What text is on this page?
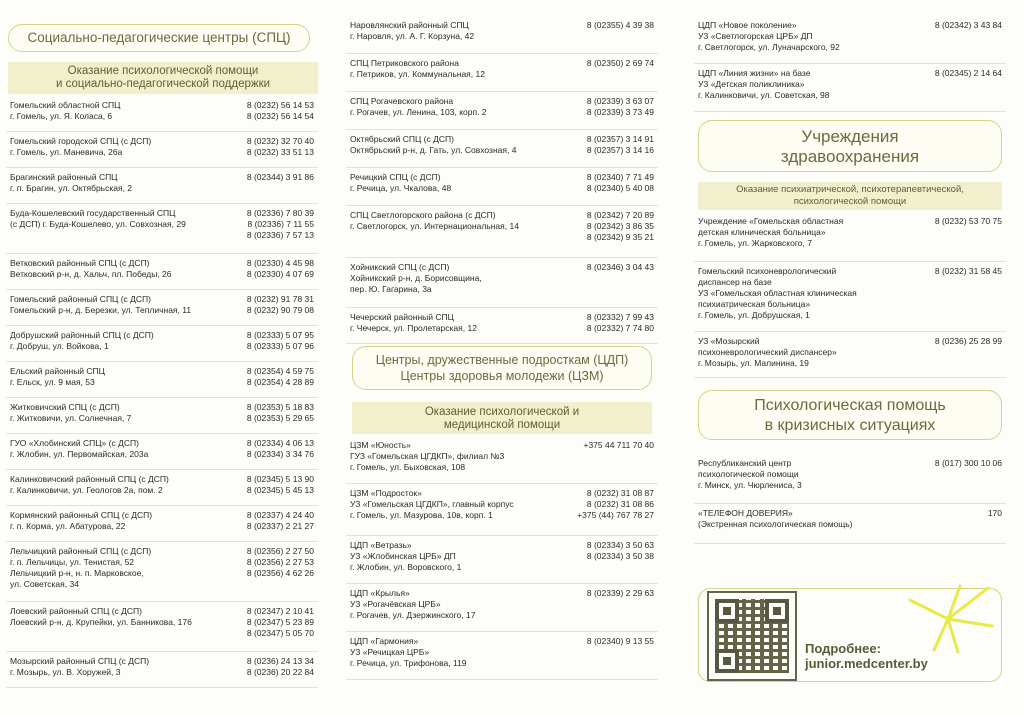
Социально-педагогические центры (СПЦ)
Оказание психологической помощи
и социально-педагогической поддержки
Гомельский областной СПЦ
г. Гомель, ул. Я. Коласа, 6
8 (0232) 56 14 53
8 (0232) 56 14 54
Гомельский городской СПЦ (с ДСП)
г. Гомель, ул. Маневича, 26а
8 (0232) 32 70 40
8 (0232) 33 51 13
Брагинский районный СПЦ
г. п. Брагин, ул. Октябрьская, 2
8 (02344) 3 91 86
Буда-Кошелевский государственный СПЦ
(с ДСП) г. Буда-Кошелево, ул. Совхозная, 29
8 (02336) 7 80 39
8 (02336) 7 11 55
8 (02336) 7 57 13
Ветковский районный СПЦ (с ДСП)
Ветковский р-н, д. Хальч, пл. Победы, 26
8 (02330) 4 45 98
8 (02330) 4 07 69
Гомельский районный СПЦ (с ДСП)
Гомельский р-н, д. Березки, ул. Тепличная, 11
8 (0232) 91 78 31
8 (0232) 90 79 08
Добрушский районный СПЦ (с ДСП)
г. Добруш, ул. Войкова, 1
8 (02333) 5 07 95
8 (02333) 5 07 96
Ельский районный СПЦ
г. Ельск, ул. 9 мая, 53
8 (02354) 4 59 75
8 (02354) 4 28 89
Житковичский СПЦ (с ДСП)
г. Житковичи, ул. Солнечная, 7
8 (02353) 5 18 83
8 (02353) 5 29 65
ГУО «Хлобинский СПЦ» (с ДСП)
г. Жлобин, ул. Первомайская, 203а
8 (02334) 4 06 13
8 (02334) 3 34 76
Калинковичский районный СПЦ (с ДСП)
г. Калинковичи, ул. Геологов 2а, пом. 2
8 (02345) 5 13 90
8 (02345) 5 45 13
Кормянский районный СПЦ (с ДСП)
г. п. Корма, ул. Абатурова, 22
8 (02337) 4 24 40
8 (02337) 2 21 27
Лельчицкий районный СПЦ (с ДСП)
г. п. Лельчицы, ул. Тенистая, 52
Лельчицкий р-н, н. п. Марковское,
ул. Советская, 34
8 (02356) 2 27 50
8 (02356) 2 27 53
8 (02356) 4 62 26
Лоевский районный СПЦ (с ДСП)
Лоевский р-н, д. Крупейки, ул. Банникова, 176
8 (02347) 2 10 41
8 (02347) 5 23 89
8 (02347) 5 05 70
Мозырский районный СПЦ (с ДСП)
г. Мозырь, ул. В. Хоружей, 3
8 (0236) 24 13 34
8 (0236) 20 22 84
Наровлянский районный СПЦ
г. Наровля, ул. А. Г. Корзуна, 42
8 (02355) 4 39 38
СПЦ Петриковского района
г. Петриков, ул. Коммунальная, 12
8 (02350) 2 69 74
СПЦ Рогачевского района
г. Рогачев, ул. Ленина, 103, корп. 2
8 (02339) 3 63 07
8 (02339) 3 73 49
Октябрьский СПЦ (с ДСП)
Октябрьский р-н, д. Гать, ул. Совхозная, 4
8 (02357) 3 14 91
8 (02357) 3 14 16
Речицкий СПЦ (с ДСП)
г. Речица, ул. Чкалова, 48
8 (02340) 7 71 49
8 (02340) 5 40 08
СПЦ Светлогорского района (с ДСП)
г. Светлогорск, ул. Интернациональная, 14
8 (02342) 7 20 89
8 (02342) 3 86 35
8 (02342) 9 35 21
Хойникский СПЦ (с ДСП)
Хойникский р-н, д. Борисовщина,
пер. Ю. Гагарина, 3а
8 (02346) 3 04 43
Чечерский районный СПЦ
г. Чечерск, ул. Пролетарская, 12
8 (02332) 7 99 43
8 (02332) 7 74 80
Центры, дружественные подросткам (ЦДП)
Центры здоровья молодежи (ЦЗМ)
Оказание психологической и
медицинской помощи
ЦЗМ «Юность»
ГУЗ «Гомельская ЦГДКП», филиал №3
г. Гомель, ул. Быховская, 108
+375 44 711 70 40
ЦЗМ «Подросток»
УЗ «Гомельская ЦГДКП», главный корпус
г. Гомель, ул. Мазурова, 10в, корп. 1
8 (0232) 31 08 87
8 (0232) 31 08 86
+375 (44) 767 78 27
ЦДП «Ветразь»
УЗ «Жлобинская ЦРБ» ДП
г. Жлобин, ул. Воровского, 1
8 (02334) 3 50 63
8 (02334) 3 50 38
ЦДП «Крылья»
УЗ «Рогачёвская ЦРБ»
г. Рогачев, ул. Дзержинского, 17
8 (02339) 2 29 63
ЦДП «Гармония»
УЗ «Речицкая ЦРБ»
г. Речица, ул. Трифонова, 119
8 (02340) 9 13 55
ЦДП «Новое поколение»
УЗ «Светлогорская ЦРБ» ДП
г. Светлогорск, ул. Луначарского, 92
8 (02342) 3 43 84
ЦДП «Линия жизни» на базе
УЗ «Детская поликлиника»
г. Калинковичи, ул. Советская, 98
8 (02345) 2 14 64
Учреждения
здравоохранения
Оказание психиатрической, психотерапевтической,
психологической помощи
Учреждение «Гомельская областная
детская клиническая больница»
г. Гомель, ул. Жарковского, 7
8 (0232) 53 70 75
Гомельский психоневрологический
диспансер на базе
УЗ «Гомельская областная клиническая
психиатрическая больница»
г. Гомель, ул. Добрушская, 1
8 (0232) 31 58 45
УЗ «Мозырский
психоневрологический диспансер»
г. Мозырь, ул. Малинина, 19
8 (0236) 25 28 99
Психологическая помощь
в кризисных ситуациях
Республиканский центр
психологической помощи
г. Минск, ул. Чюрлениса, 3
8 (017) 300 10 06
«ТЕЛЕФОН ДОВЕРИЯ»
(Экстренная психологическая помощь)
170
Подробнее:
junior.medcenter.by
